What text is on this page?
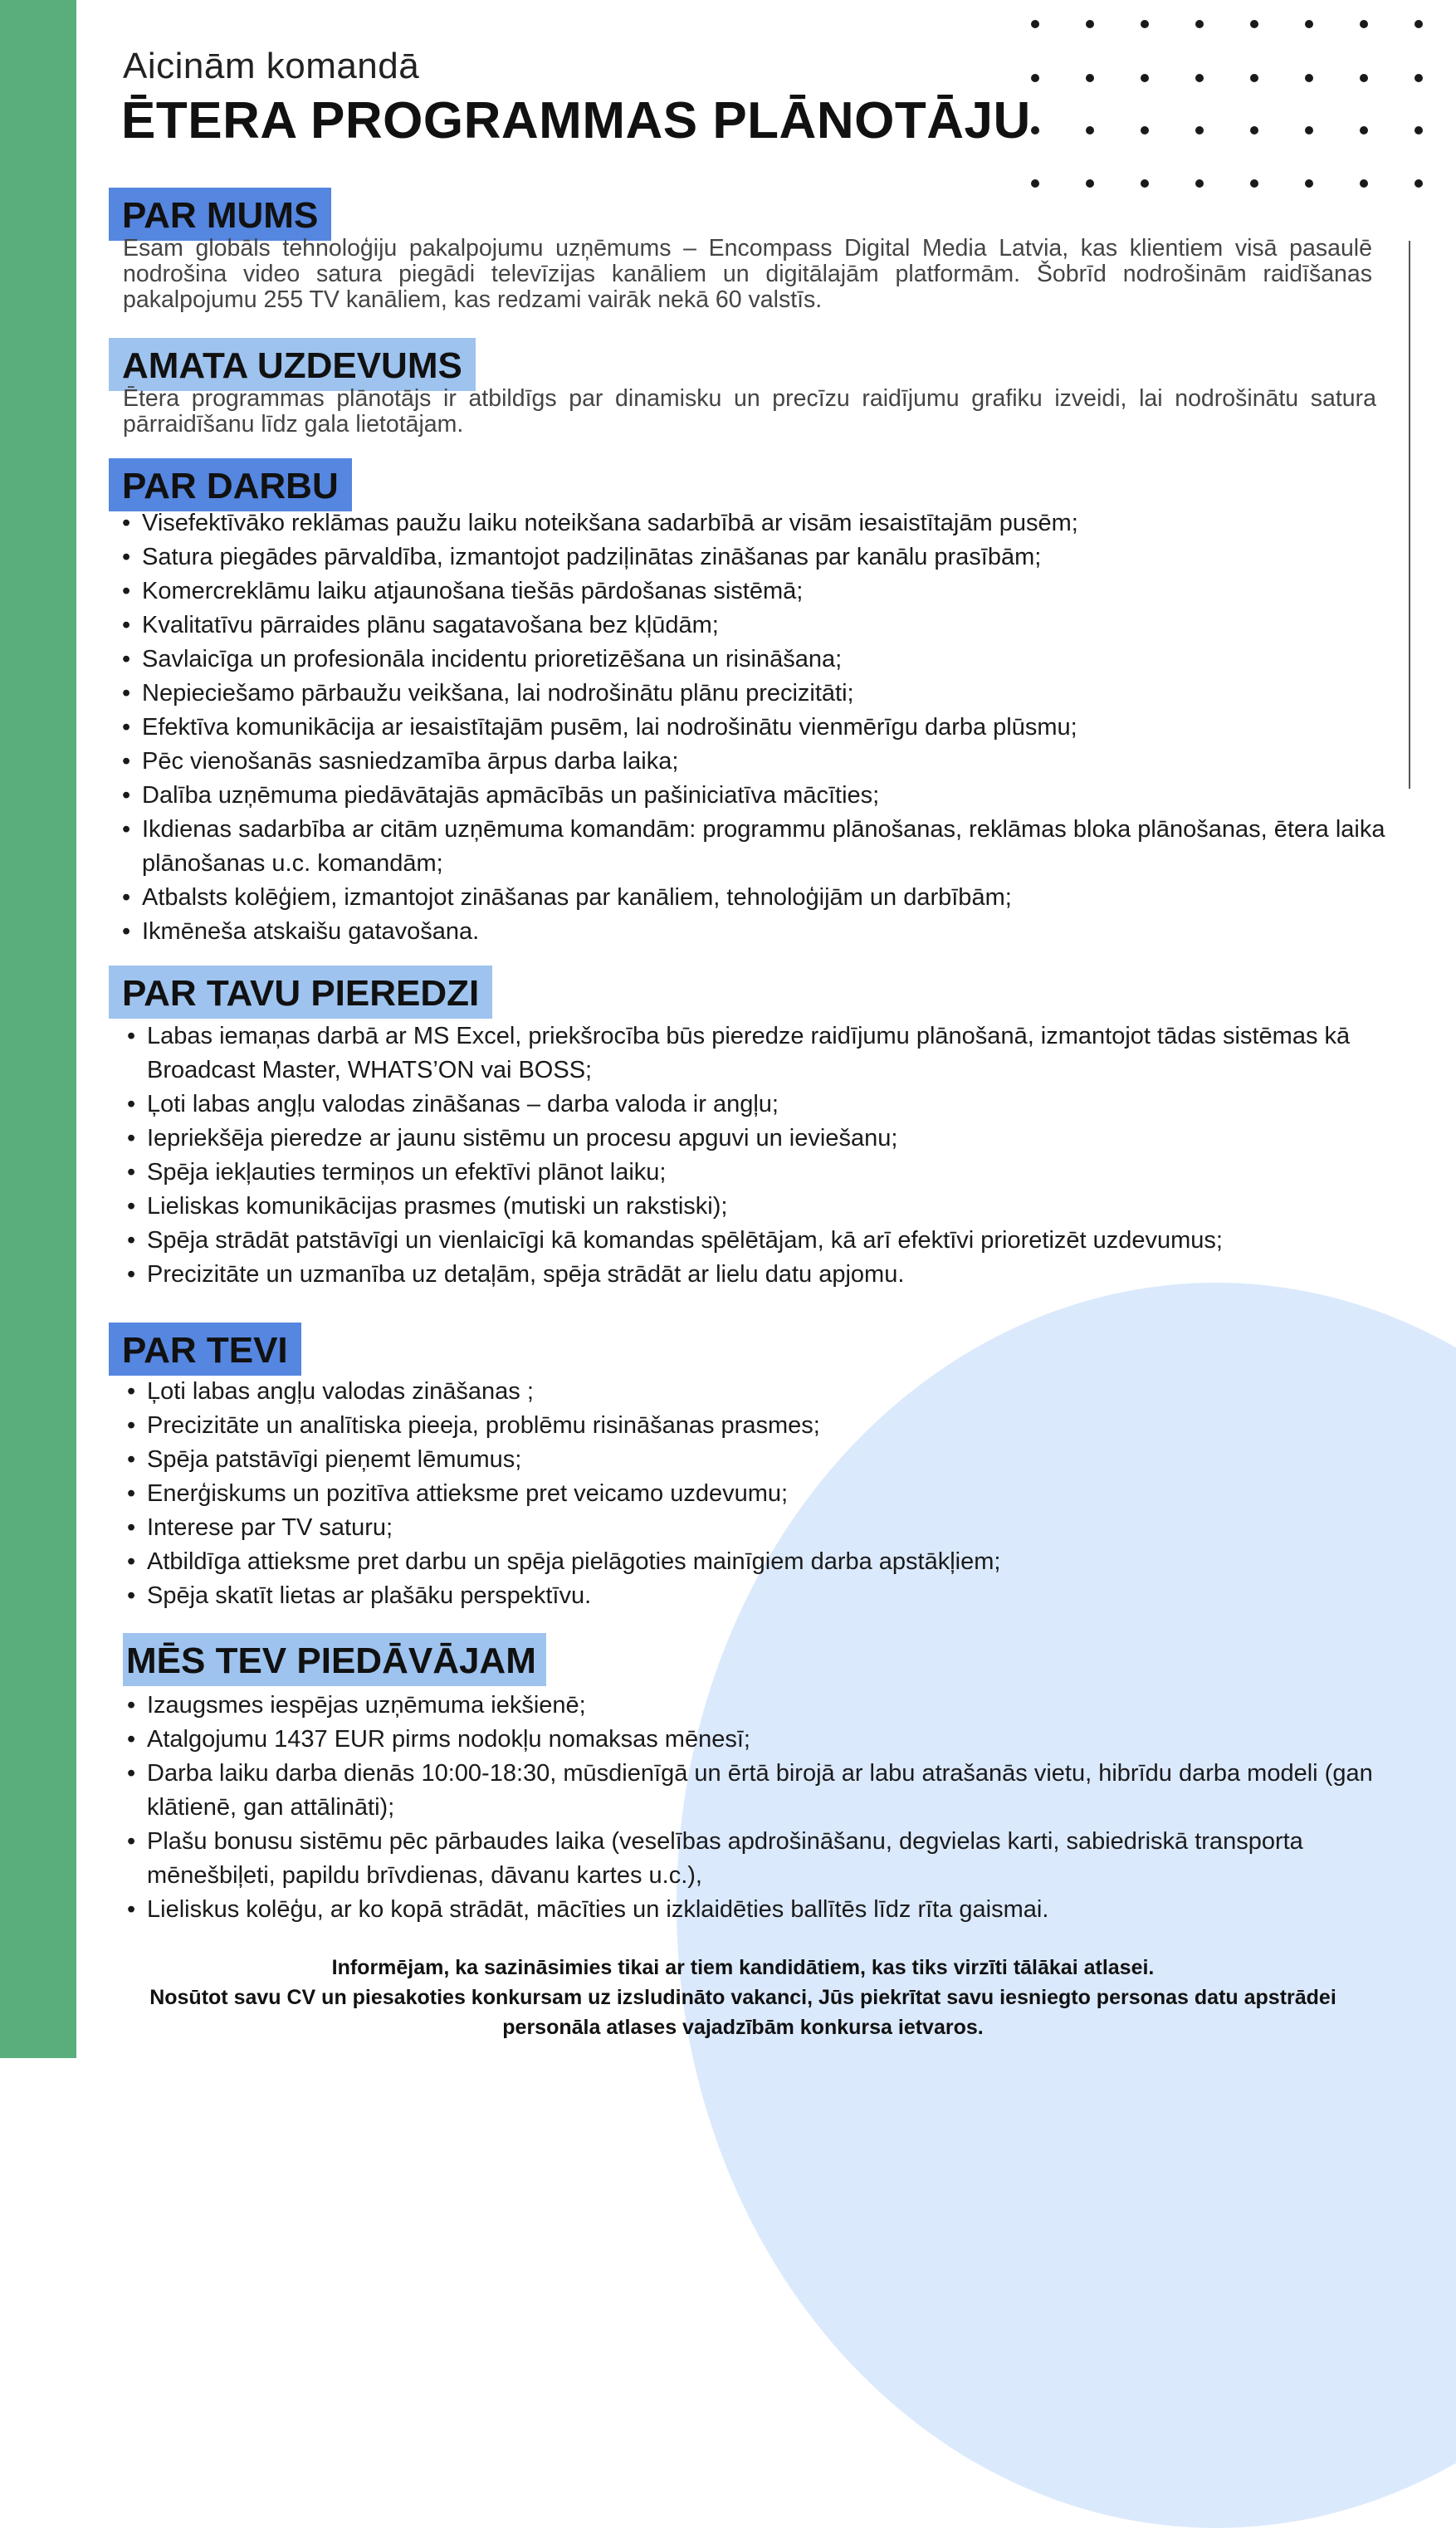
Aicinām komandā
ĒTERA PROGRAMMAS PLĀNOTĀJU
PAR MUMS
Esam globāls tehnoloģiju pakalpojumu uzņēmums – Encompass Digital Media Latvia, kas klientiem visā pasaulē nodrošina video satura piegādi televīzijas kanāliem un digitālajām platformām. Šobrīd nodrošinām raidīšanas pakalpojumu 255 TV kanāliem, kas redzami vairāk nekā 60 valstīs.
AMATA UZDEVUMS
Ētera programmas plānotājs ir atbildīgs par dinamisku un precīzu raidījumu grafiku izveidi, lai nodrošinātu satura pārraidīšanu līdz gala lietotājam.
PAR DARBU
• Visefektīvāko reklāmas paužu laiku noteikšana sadarbībā ar visām iesaistītajām pusēm;
• Satura piegādes pārvaldība, izmantojot padziļinātas zināšanas par kanālu prasībām;
• Komercreklāmu laiku atjaunošana tiešās pārdošanas sistēmā;
• Kvalitatīvu pārraides plānu sagatavošana bez kļūdām;
• Savlaicīga un profesionāla incidentu prioretizēšana un risināšana;
• Nepieciešamo pārbaužu veikšana, lai nodrošinātu plānu precizitāti;
• Efektīva komunikācija ar iesaistītajām pusēm, lai nodrošinātu vienmērīgu darba plūsmu;
• Pēc vienošanās sasniedzamība ārpus darba laika;
• Dalība uzņēmuma piedāvātajās apmācībās un pašiniciatīva mācīties;
• Ikdienas sadarbība ar citām uzņēmuma komandām: programmu plānošanas, reklāmas bloka plānošanas, ētera laika plānošanas u.c. komandām;
• Atbalsts kolēģiem, izmantojot zināšanas par kanāliem, tehnoloģijām un darbībām;
• Ikmēneša atskaišu gatavošana.
PAR TAVU PIEREDZI
• Labas iemaņas darbā ar MS Excel, priekšrocība būs pieredze raidījumu plānošanā, izmantojot tādas sistēmas kā Broadcast Master, WHATS’ON vai BOSS;
• Ļoti labas angļu valodas zināšanas – darba valoda ir angļu;
• Iepriekšēja pieredze ar jaunu sistēmu un procesu apguvi un ieviešanu;
• Spēja iekļauties termiņos un efektīvi plānot laiku;
• Lieliskas komunikācijas prasmes (mutiski un rakstiski);
• Spēja strādāt patstāvīgi un vienlaicīgi kā komandas spēlētājam, kā arī efektīvi prioretizēt uzdevumus;
• Precizitāte un uzmanība uz detaļām, spēja strādāt ar lielu datu apjomu.
PAR TEVI
• Ļoti labas angļu valodas zināšanas ;
• Precizitāte un analītiska pieeja, problēmu risināšanas prasmes;
• Spēja patstāvīgi pieņemt lēmumus;
• Enerģiskums un pozitīva attieksme pret veicamo uzdevumu;
• Interese par TV saturu;
• Atbildīga attieksme pret darbu un spēja pielāgoties mainīgiem darba apstākļiem;
• Spēja skatīt lietas ar plašāku perspektīvu.
MĒS TEV PIEDĀVĀJAM
• Izaugsmes iespējas uzņēmuma iekšienē;
• Atalgojumu 1437 EUR pirms nodokļu nomaksas mēnesī;
• Darba laiku darba dienās 10:00-18:30, mūsdienīgā un ērtā birojā ar labu atrašanās vietu, hibrīdu darba modeli (gan klātienē, gan attālināti);
• Plašu bonusu sistēmu pēc pārbaudes laika (veselības apdrošināšanu, degvielas karti, sabiedriskā transporta mēnešbiļeti, papildu brīvdienas, dāvanu kartes u.c.),
• Lieliskus kolēģu, ar ko kopā strādāt, mācīties un izklaidēties ballītēs līdz rīta gaismai.
Informējam, ka sazināsimies tikai ar tiem kandidātiem, kas tiks virzīti tālākai atlasei.
Nosūtot savu CV un piesakoties konkursam uz izsludināto vakanci, Jūs piekrītat savu iesniegto personas datu apstrādei
personāla atlases vajadzībām konkursa ietvaros.
